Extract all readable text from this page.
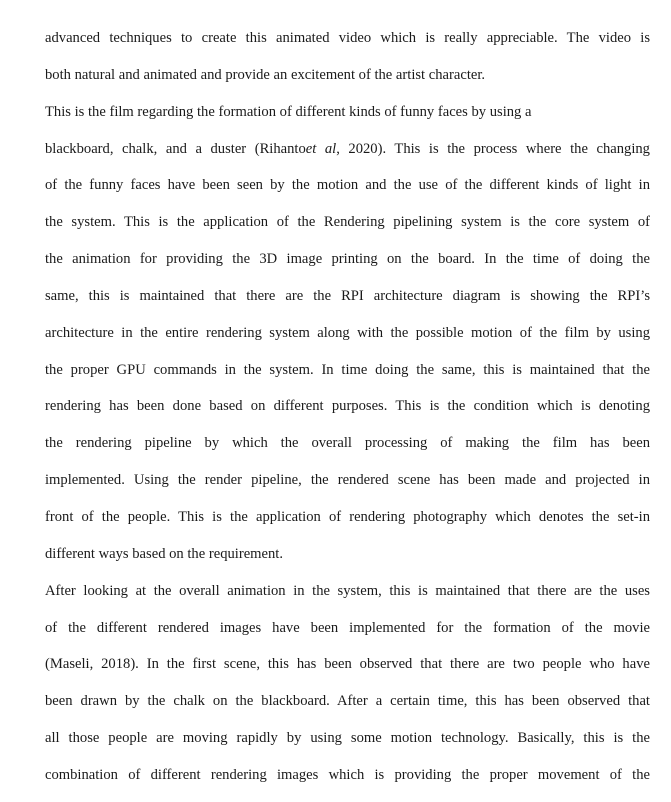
advanced techniques to create this animated video which is really appreciable. The video is
both natural and animated and provide an excitement of the artist character.
This is the film regarding the formation of different kinds of funny faces by using a
blackboard, chalk, and a duster (Rihantoet al, 2020). This is the process where the changing
of the funny faces have been seen by the motion and the use of the different kinds of light in
the system. This is the application of the Rendering pipelining system is the core system of
the animation for providing the 3D image printing on the board. In the time of doing the
same, this is maintained that there are the RPI architecture diagram is showing the RPI’s
architecture in the entire rendering system along with the possible motion of the film by using
the proper GPU commands in the system. In time doing the same, this is maintained that the
rendering has been done based on different purposes. This is the condition which is denoting
the rendering pipeline by which the overall processing of making the film has been
implemented. Using the render pipeline, the rendered scene has been made and projected in
front of the people. This is the application of rendering photography which denotes the set-in
different ways based on the requirement.
After looking at the overall animation in the system, this is maintained that there are the uses
of the different rendered images have been implemented for the formation of the movie
(Maseli, 2018). In the first scene, this has been observed that there are two people who have
been drawn by the chalk on the blackboard. After a certain time, this has been observed that
all those people are moving rapidly by using some motion technology. Basically, this is the
combination of different rendering images which is providing the proper movement of the
